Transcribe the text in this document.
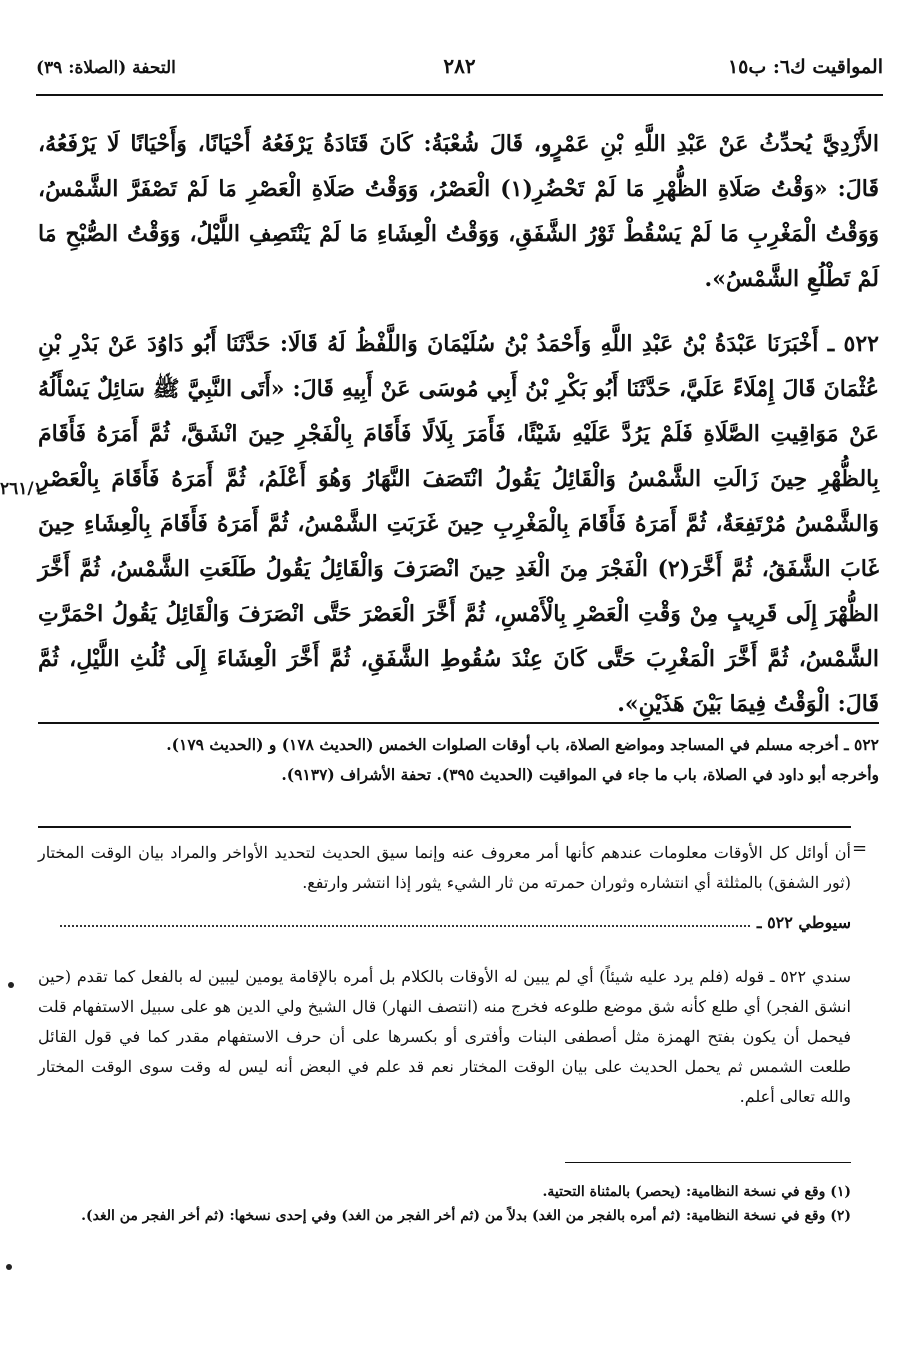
المواقيت ك٦: ب١٥
٢٨٢
التحفة (الصلاة: ٣٩)
الأَزْدِيَّ يُحدِّثُ عَنْ عَبْدِ اللَّهِ بْنِ عَمْرٍو، قَالَ شُعْبَةُ: كَانَ قَتَادَةُ يَرْفَعُهُ أَحْيَانًا، وَأَحْيَانًا لَا يَرْفَعُهُ، قَالَ: «وَقْتُ صَلَاةِ الظُّهْرِ مَا لَمْ تَحْضُرِ(١) الْعَصْرُ، وَوَقْتُ صَلَاةِ الْعَصْرِ مَا لَمْ تَصْفَرَّ الشَّمْسُ، وَوَقْتُ الْمَغْرِبِ مَا لَمْ يَسْقُطْ ثَوْرُ الشَّفَقِ، وَوَقْتُ الْعِشَاءِ مَا لَمْ يَنْتَصِفِ اللَّيْلُ، وَوَقْتُ الصُّبْحِ مَا لَمْ تَطْلُعِ الشَّمْسُ».
٥٢٢ ـ أَخْبَرَنَا عَبْدَةُ بْنُ عَبْدِ اللَّهِ وَأَحْمَدُ بْنُ سُلَيْمَانَ وَاللَّفْظُ لَهُ قَالَا: حَدَّثَنَا أَبُو دَاوُدَ عَنْ بَدْرِ بْنِ عُثْمَانَ قَالَ إِمْلَاءً عَلَيَّ، حَدَّثَنَا أَبُو بَكْرِ بْنُ أَبِي مُوسَى عَنْ أَبِيهِ قَالَ: «أَتَى النَّبِيَّ ﷺ سَائِلٌ يَسْأَلُهُ عَنْ مَوَاقِيتِ الصَّلَاةِ فَلَمْ يَرُدَّ عَلَيْهِ شَيْئًا، فَأَمَرَ بِلَالًا فَأَقَامَ بِالْفَجْرِ حِينَ انْشَقَّ، ثُمَّ أَمَرَهُ فَأَقَامَ بِالظُّهْرِ حِينَ زَالَتِ الشَّمْسُ وَالْقَائِلُ يَقُولُ انْتَصَفَ النَّهَارُ وَهُوَ أَعْلَمُ، ثُمَّ أَمَرَهُ فَأَقَامَ بِالْعَصْرِ وَالشَّمْسُ مُرْتَفِعَةٌ، ثُمَّ أَمَرَهُ فَأَقَامَ بِالْمَغْرِبِ حِينَ غَرَبَتِ الشَّمْسُ، ثُمَّ أَمَرَهُ فَأَقَامَ بِالْعِشَاءِ حِينَ غَابَ الشَّفَقُ، ثُمَّ أَخَّرَ(٢) الْفَجْرَ مِنَ الْغَدِ حِينَ انْصَرَفَ وَالْقَائِلُ يَقُولُ طَلَعَتِ الشَّمْسُ، ثُمَّ أَخَّرَ الظُّهْرَ إِلَى قَرِيبٍ مِنْ وَقْتِ الْعَصْرِ بِالْأَمْسِ، ثُمَّ أَخَّرَ الْعَصْرَ حَتَّى انْصَرَفَ وَالْقَائِلُ يَقُولُ احْمَرَّتِ الشَّمْسُ، ثُمَّ أَخَّرَ الْمَغْرِبَ حَتَّى كَانَ عِنْدَ سُقُوطِ الشَّفَقِ، ثُمَّ أَخَّرَ الْعِشَاءَ إِلَى ثُلُثِ اللَّيْلِ، ثُمَّ قَالَ: الْوَقْتُ فِيمَا بَيْنَ هَذَيْنِ».
٢٦١/١
٥٢٢ ـ أخرجه مسلم في المساجد ومواضع الصلاة، باب أوقات الصلوات الخمس (الحديث ١٧٨) و (الحديث ١٧٩).
وأخرجه أبو داود في الصلاة، باب ما جاء في المواقيت (الحديث ٣٩٥). تحفة الأشراف (٩١٣٧).
=
أن أوائل كل الأوقات معلومات عندهم كأنها أمر معروف عنه وإنما سيق الحديث لتحديد الأواخر والمراد بيان الوقت المختار (ثور الشفق) بالمثلثة أي انتشاره وثوران حمرته من ثار الشيء يثور إذا انتشر وارتفع.
سيوطي ٥٢٢ ـ
سندي ٥٢٢ ـ قوله (فلم يرد عليه شيئاً) أي لم يبين له الأوقات بالكلام بل أمره بالإقامة يومين ليبين له بالفعل كما تقدم (حين انشق الفجر) أي طلع كأنه شق موضع طلوعه فخرج منه (انتصف النهار) قال الشيخ ولي الدين هو على سبيل الاستفهام قلت فيحمل أن يكون بفتح الهمزة مثل أصطفى البنات وأفترى أو بكسرها على أن حرف الاستفهام مقدر كما في قول القائل طلعت الشمس ثم يحمل الحديث على بيان الوقت المختار نعم قد علم في البعض أنه ليس له وقت سوى الوقت المختار والله تعالى أعلم.
(١) وقع في نسخة النظامية: (يحصر) بالمثناة التحتية.
(٢) وقع في نسخة النظامية: (ثم أمره بالفجر من الغد) بدلاً من (ثم أخر الفجر من الغد) وفي إحدى نسخها: (ثم أخر الفجر من الغد).
